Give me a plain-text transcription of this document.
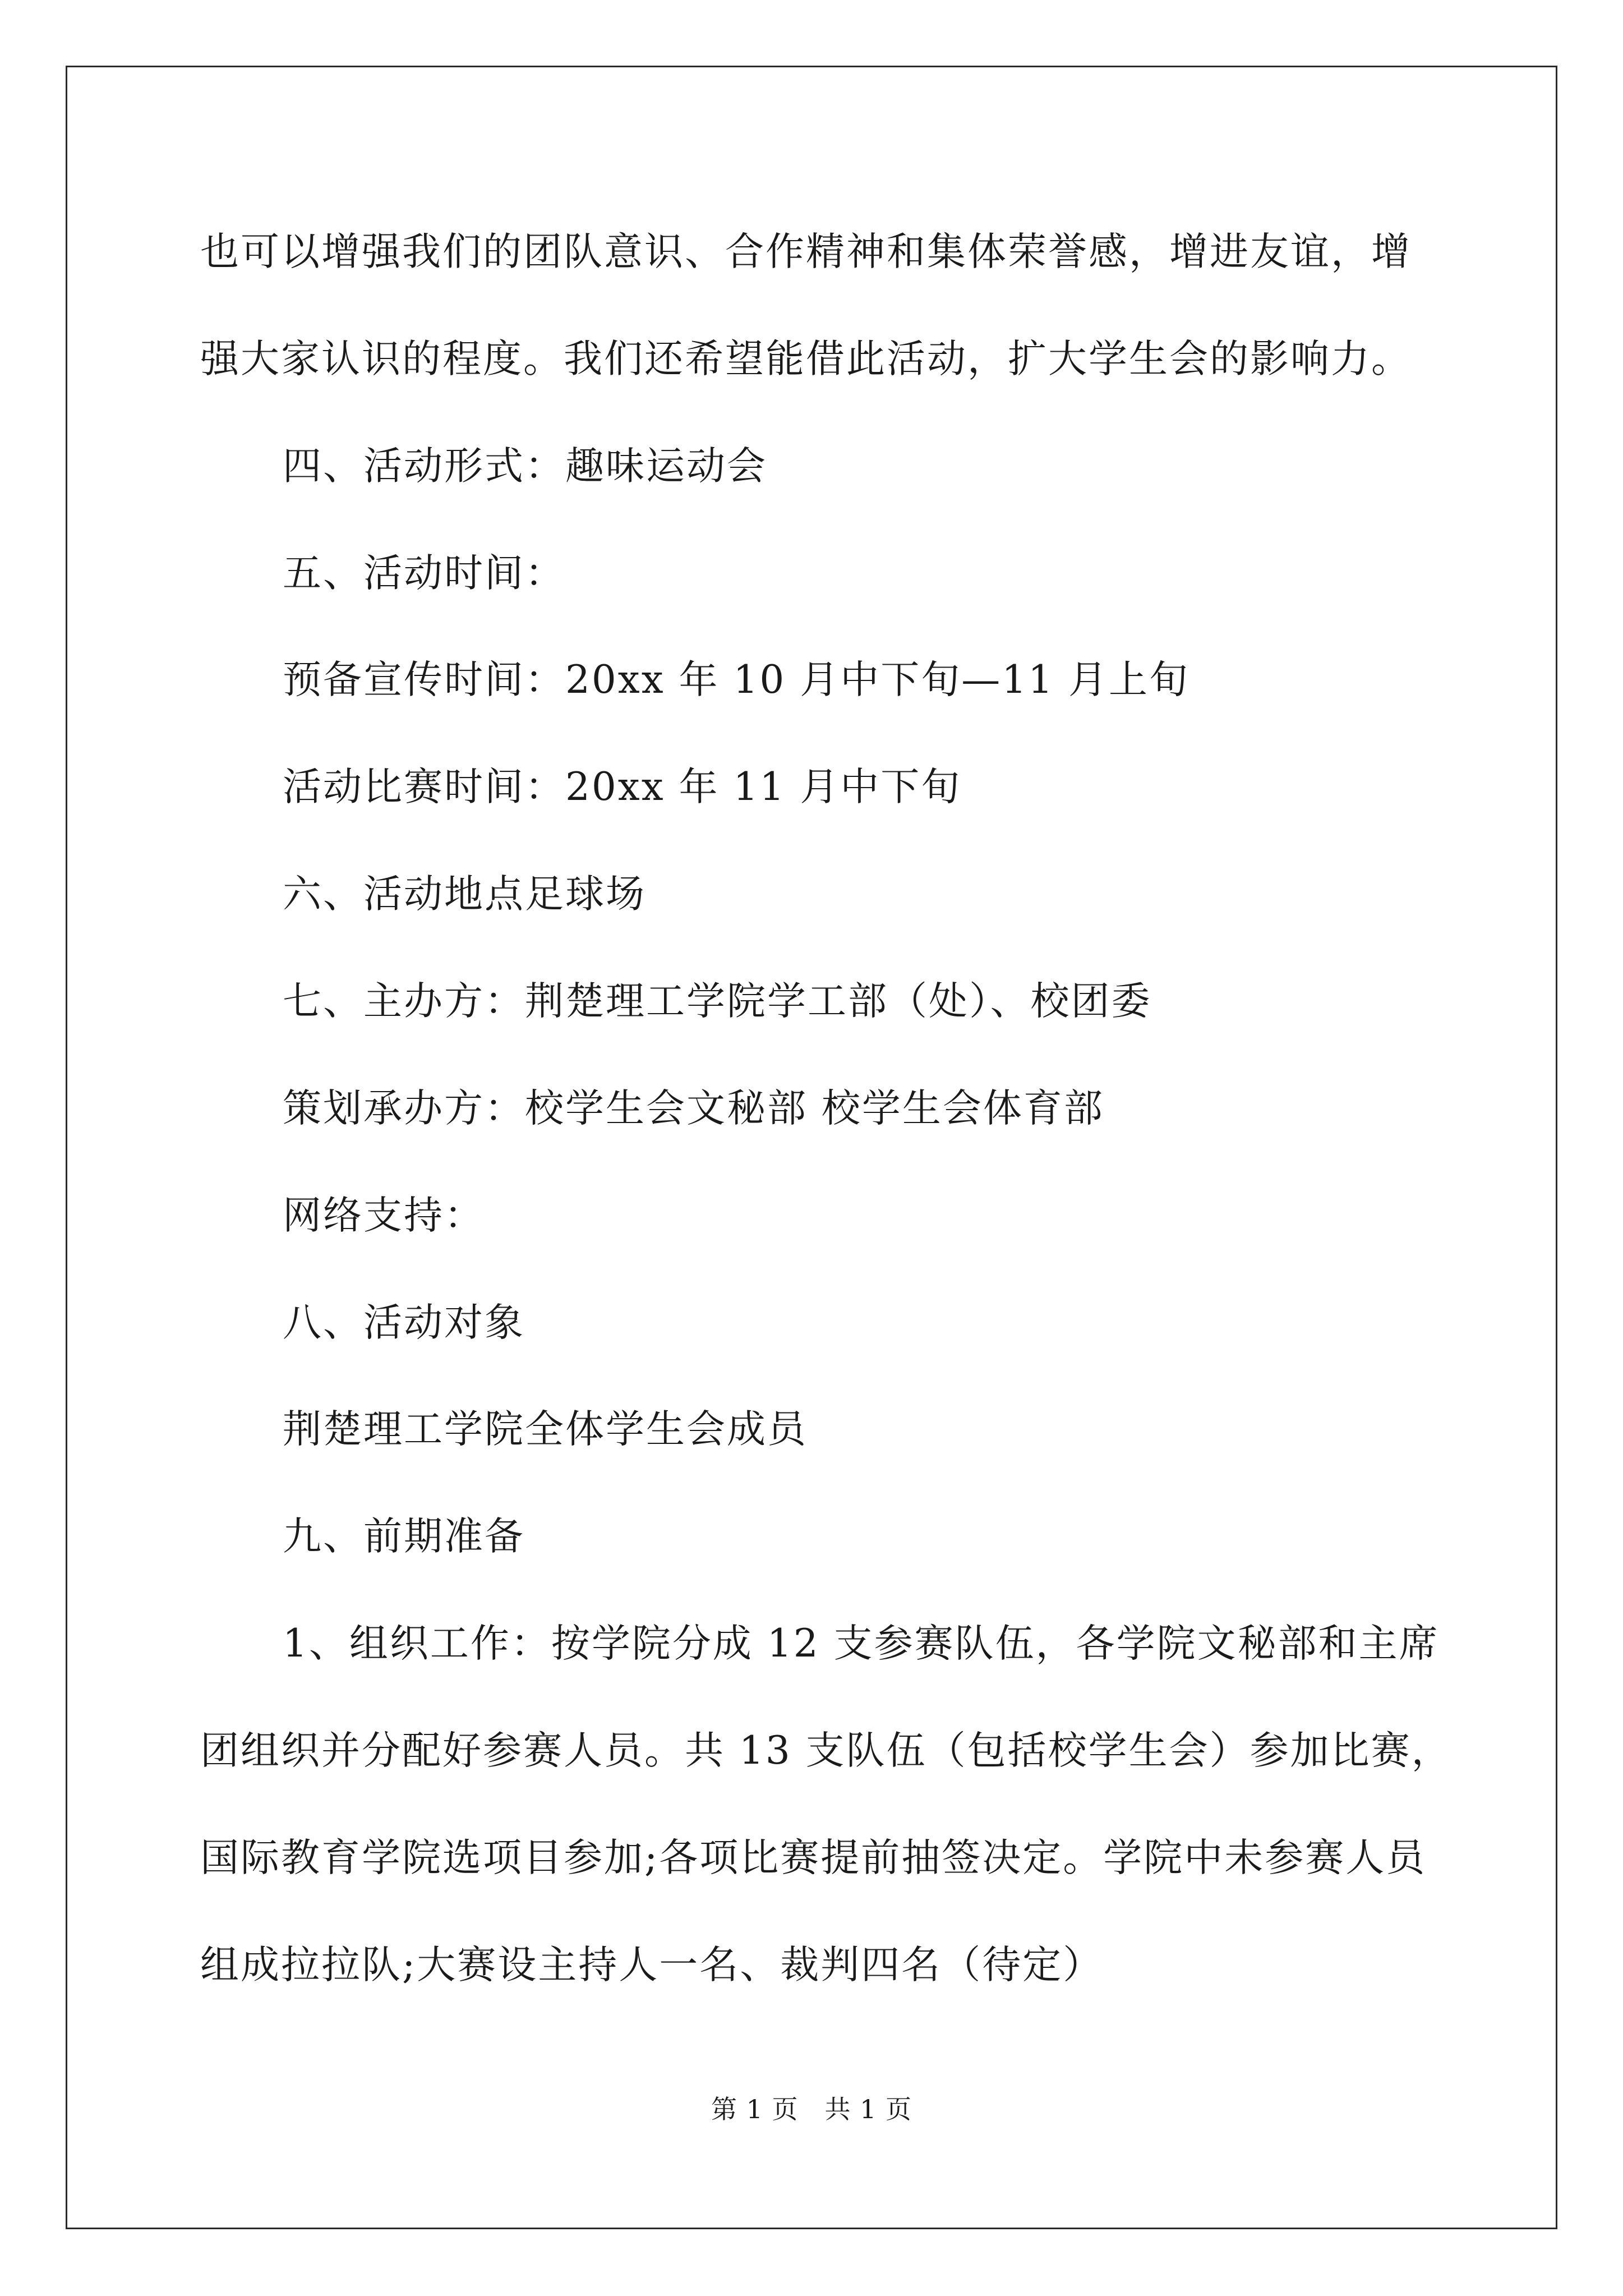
也可以增强我们的团队意识、合作精神和集体荣誉感，增进友谊，增
强大家认识的程度。我们还希望能借此活动，扩大学生会的影响力。
四、活动形式：趣味运动会
五、活动时间：
预备宣传时间：20xx 年 10 月中下旬—11 月上旬
活动比赛时间：20xx 年 11 月中下旬
六、活动地点足球场
七、主办方：荆楚理工学院学工部（处）、校团委
策划承办方：校学生会文秘部 校学生会体育部
网络支持：
八、活动对象
荆楚理工学院全体学生会成员
九、前期准备
1、组织工作：按学院分成 12 支参赛队伍，各学院文秘部和主席
团组织并分配好参赛人员。共 13 支队伍（包括校学生会）参加比赛，
国际教育学院选项目参加;各项比赛提前抽签决定。学院中未参赛人员
组成拉拉队;大赛设主持人一名、裁判四名（待定）
第 1 页　共 1 页
